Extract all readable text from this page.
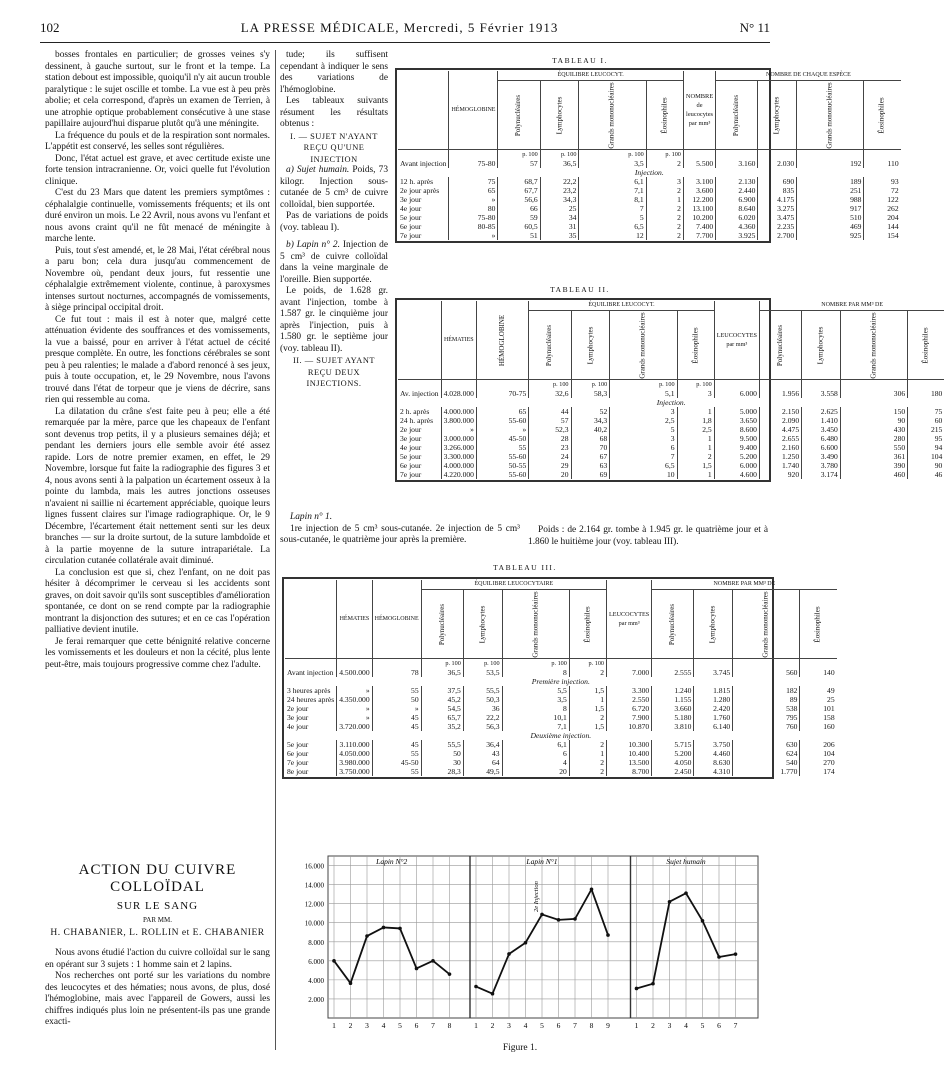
102	LA PRESSE MÉDICALE, Mercredi, 5 Février 1913	N° 11

bosses frontales en particulier; de grosses veines s'y dessinent, à gauche surtout, sur le front et la tempe. La station debout est impossible, quoiqu'il n'y ait aucun trouble paralytique : le sujet oscille et tombe. La vue est à peu près abolie; et cela correspond, d'après un examen de Terrien, à une atrophie optique probablement consécutive à une stase papillaire aujourd'hui disparue plutôt qu'à une méningite.

La fréquence du pouls et de la respiration sont normales. L'appétit est conservé, les selles sont régulières.

Donc, l'état actuel est grave, et avec certitude existe une forte tension intracranienne. Or, voici quelle fut l'évolution clinique.

C'est du 23 Mars que datent les premiers symptômes : céphalalgie continuelle, vomissements fréquents; et ils ont duré environ un mois. Le 22 Avril, nous avons vu l'enfant et nous avons craint qu'il ne fût menacé de méningite à marche lente.

Puis, tout s'est amendé, et, le 28 Mai, l'état cérébral nous a paru bon; cela dura jusqu'au commencement de Novembre où, pendant deux jours, fut ressentie une céphalalgie extrêmement violente, continue, à paroxysmes intenses surtout nocturnes, accompagnés de vomissements, à siège principal occipital droit.

Ce fut tout : mais il est à noter que, malgré cette atténuation évidente des souffrances et des vomissements, la vue a baissé, pour en arriver à l'état actuel de cécité presque complète. En outre, les fonctions cérébrales se sont peu à peu ralenties; le malade a d'abord renoncé à ses jeux, puis à toute occupation, et, le 29 Novembre, nous l'avons trouvé dans l'état de torpeur que je viens de décrire, sans rien qui ressemble au coma.

La dilatation du crâne s'est faite peu à peu; elle a été remarquée par la mère, parce que les chapeaux de l'enfant sont devenus trop petits, il y a plusieurs semaines déjà; et pendant les derniers jours elle semble avoir été assez rapide. Lors de notre premier examen, en effet, le 29 Novembre, lorsque fut faite la radiographie des figures 3 et 4, nous avons senti à la palpation un écartement osseux à la pointe du lambda, mais les autres jonctions osseuses n'avaient ni saillie ni écartement appréciable, quoique leurs lignes fussent claires sur l'image radiographique. Or, le 9 Décembre, l'écartement était nettement senti sur les deux branches — sur la droite surtout, de la suture lambdoïde et à la partie moyenne de la suture intrapariétale. La circulation cutanée collatérale avait diminué.

La conclusion est que si, chez l'enfant, on ne doit pas hésiter à décomprimer le cerveau si les accidents sont graves, on doit savoir qu'ils sont susceptibles d'amélioration spontanée, ce dont on se rend compte par la radiographie montrant la disjonction des sutures; et en ce cas l'opération palliative devient inutile.

Je ferai remarquer que cette bénignité relative concerne les vomissements et les douleurs et non la cécité, plus lente peut-être, mais toujours progressive comme chez l'adulte.

ACTION DU CUIVRE COLLOÏDAL
SUR LE SANG
PAR MM.
H. CHABANIER, L. ROLLIN et E. CHABANIER

Nous avons étudié l'action du cuivre colloïdal sur le sang en opérant sur 3 sujets : 1 homme sain et 2 lapins.

Nos recherches ont porté sur les variations du nombre des leucocytes et des hématies; nous avons, de plus, dosé l'hémoglobine, mais avec l'appareil de Gowers, aussi les chiffres indiqués plus loin ne présentent-ils pas une grande exacti-

tude; ils suffisent cependant à indiquer le sens des variations de l'hémoglobine.

Les tableaux suivants résument les résultats obtenus :

I. — SUJET N'AYANT REÇU QU'UNE INJECTION

a) Sujet humain. Poids, 73 kilogr. Injection sous-cutanée de 5 cm³ de cuivre colloïdal, bien supportée.

Pas de variations de poids (voy. tableau I).

b) Lapin n° 2. Injection de 5 cm³ de cuivre colloïdal dans la veine marginale de l'oreille. Bien supportée.

Le poids, de 1.628 gr. avant l'injection, tombe à 1.587 gr. le cinquième jour après l'injection, puis à 1.580 gr. le septième jour (voy. tableau II).

II. — SUJET AYANT REÇU DEUX INJECTIONS.

Lapin n° 1.

1re injection de 5 cm³ sous-cutanée. 2e injection de 5 cm³ sous-cutanée, le quatrième jour après la première.

Poids : de 2.164 gr. tombe à 1.945 gr. le quatrième jour et à 1.860 le huitième jour (voy. tableau III).

TABLEAU I.
	HÉMOGLOBINE	ÉQUILIBRE LEUCOCYT.				NOMBRE de leucocytes par mm³	NOMBRE DE CHAQUE ESPÈCE			
		Polynucléaires	Lymphocytes	Grands mononucléaires	Éosinophiles		Polynucléaires	Lymphocytes	Grands mononucléaires	Éosinophiles
		p. 100	p. 100	p. 100	p. 100					
Avant injection	75-80	57	36,5	3,5	2	5.500	3.160	2.030	192	110
Injection.										
12 h. après	75	68,7	22,2	6,1	3	3.100	2.130	690	189	93
2e jour après	65	67,7	23,2	7,1	2	3.600	2.440	835	251	72
3e jour	»	56,6	34,3	8,1	1	12.200	6.900	4.175	988	122
4e jour	80	66	25	7	2	13.100	8.640	3.275	917	262
5e jour	75-80	59	34	5	2	10.200	6.020	3.475	510	204
6e jour	80-85	60,5	31	6,5	2	7.400	4.360	2.235	469	144
7e jour	»	51	35	12	2	7.700	3.925	2.700	925	154
TABLEAU II.
	HÉMATIES	HÉMOGLOBINE	ÉQUILIBRE LEUCOCYT.				LEUCOCYTES par mm³	NOMBRE PAR MM³ DE			
			Polynucléaires	Lymphocytes	Grands mononucléaires	Éosinophiles		Polynucléaires	Lymphocytes	Grands mononucléaires	Éosinophiles
			p. 100	p. 100	p. 100	p. 100					
Av. injection	4.028.000	70-75	32,6	58,3	5,1	3	6.000	1.956	3.558	306	180
Injection.											
2 h. après	4.000.000	65	44	52	3	1	5.000	2.150	2.625	150	75
24 h. après	3.800.000	55-60	57	34,3	2,5	1,8	3.650	2.090	1.410	90	60
2e jour	»	»	52,3	40,2	5	2,5	8.600	4.475	3.450	430	215
3e jour	3.000.000	45-50	28	68	3	1	9.500	2.655	6.480	280	95
4e jour	3.266.000	55	23	70	6	1	9.400	2.160	6.600	550	94
5e jour	3.300.000	55-60	24	67	7	2	5.200	1.250	3.490	361	104
6e jour	4.000.000	50-55	29	63	6,5	1,5	6.000	1.740	3.780	390	90
7e jour	4.220.000	55-60	20	69	10	1	4.600	920	3.174	460	46
TABLEAU III.
	HÉMATIES	HÉMOGLOBINE	ÉQUILIBRE LEUCOCYTAIRE				LEUCOCYTES par mm³	NOMBRE PAR MM³ DE			
			Polynucléaires	Lymphocytes	Grands mononucléaires	Éosinophiles		Polynucléaires	Lymphocytes	Grands mononucléaires	Éosinophiles
			p. 100	p. 100	p. 100	p. 100					
Avant injection	4.500.000	78	36,5	53,5	8	2	7.000	2.555	3.745	560	140
Première injection.											
3 heures après	»	55	37,5	55,5	5,5	1,5	3.300	1.240	1.815	182	49
24 heures après	4.350.000	50	45,2	50,3	3,5	1	2.550	1.155	1.280	89	25
2e jour	»	»	54,5	36	8	1,5	6.720	3.660	2.420	538	101
3e jour	»	45	65,7	22,2	10,1	2	7.900	5.180	1.760	795	158
4e jour	3.720.000	45	35,2	56,3	7,1	1,5	10.870	3.810	6.140	760	160
Deuxième injection.											
5e jour	3.110.000	45	55,5	36,4	6,1	2	10.300	5.715	3.750	630	206
6e jour	4.050.000	55	50	43	6	1	10.400	5.200	4.460	624	104
7e jour	3.980.000	45-50	30	64	4	2	13.500	4.050	8.630	540	270
8e jour	3.750.000	55	28,3	49,5	20	2	8.700	2.450	4.310	1.770	174
16.000
14.000
12.000
10.000
8.000
6.000
4.000
2.000
1 2 3 4 5 6 7 8
Lapin N°2
1 2 3 4 5 6 7 8 9
Lapin N°1
1 2 3 4 5 6 7
Sujet humain
2e Injection
Figure 1.
